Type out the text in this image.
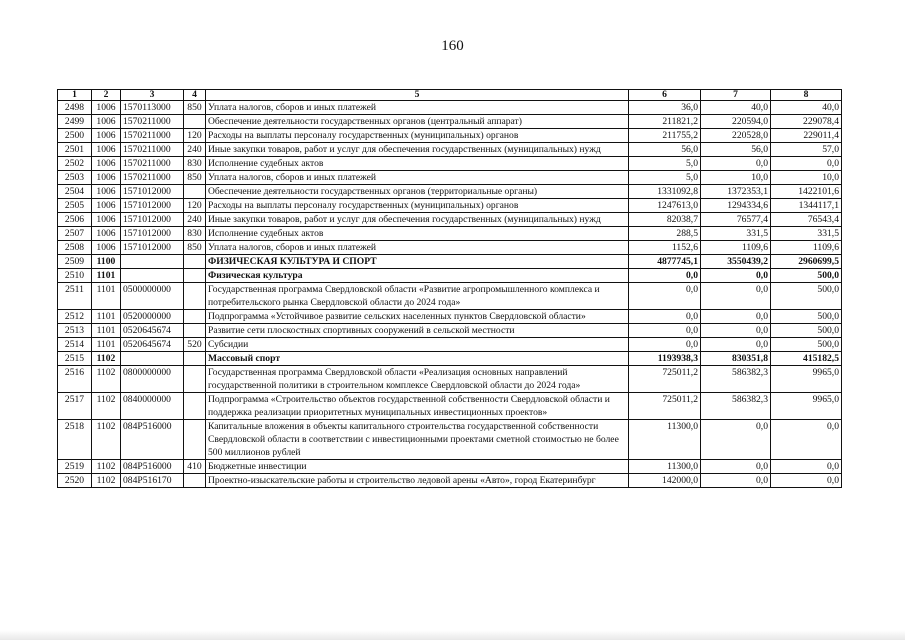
160
1	2	3	4	5	6	7	8
2498	1006	1570113000	850	Уплата налогов, сборов и иных платежей	36,0	40,0	40,0
2499	1006	1570211000		Обеспечение деятельности государственных органов (центральный аппарат)	211821,2	220594,0	229078,4
2500	1006	1570211000	120	Расходы на выплаты персоналу государственных (муниципальных) органов	211755,2	220528,0	229011,4
2501	1006	1570211000	240	Иные закупки товаров, работ и услуг для обеспечения государственных (муниципальных) нужд	56,0	56,0	57,0
2502	1006	1570211000	830	Исполнение судебных актов	5,0	0,0	0,0
2503	1006	1570211000	850	Уплата налогов, сборов и иных платежей	5,0	10,0	10,0
2504	1006	1571012000		Обеспечение деятельности государственных органов (территориальные органы)	1331092,8	1372353,1	1422101,6
2505	1006	1571012000	120	Расходы на выплаты персоналу государственных (муниципальных) органов	1247613,0	1294334,6	1344117,1
2506	1006	1571012000	240	Иные закупки товаров, работ и услуг для обеспечения государственных (муниципальных) нужд	82038,7	76577,4	76543,4
2507	1006	1571012000	830	Исполнение судебных актов	288,5	331,5	331,5
2508	1006	1571012000	850	Уплата налогов, сборов и иных платежей	1152,6	1109,6	1109,6
2509	1100			ФИЗИЧЕСКАЯ КУЛЬТУРА И СПОРТ	4877745,1	3550439,2	2960699,5
2510	1101			Физическая культура	0,0	0,0	500,0
2511	1101	0500000000		Государственная программа Свердловской области «Развитие агропромышленного комплекса и потребительского рынка Свердловской области до 2024 года»	0,0	0,0	500,0
2512	1101	0520000000		Подпрограмма «Устойчивое развитие сельских населенных пунктов Свердловской области»	0,0	0,0	500,0
2513	1101	0520645674		Развитие сети плоскостных спортивных сооружений в сельской местности	0,0	0,0	500,0
2514	1101	0520645674	520	Субсидии	0,0	0,0	500,0
2515	1102			Массовый спорт	1193938,3	830351,8	415182,5
2516	1102	0800000000		Государственная программа Свердловской области «Реализация основных направлений государственной политики в строительном комплексе Свердловской области до 2024 года»	725011,2	586382,3	9965,0
2517	1102	0840000000		Подпрограмма «Строительство объектов государственной собственности Свердловской области и поддержка реализации приоритетных муниципальных инвестиционных проектов»	725011,2	586382,3	9965,0
2518	1102	084P516000		Капитальные вложения в объекты капитального строительства государственной собственности Свердловской области в соответствии с инвестиционными проектами сметной стоимостью не более 500 миллионов рублей	11300,0	0,0	0,0
2519	1102	084P516000	410	Бюджетные инвестиции	11300,0	0,0	0,0
2520	1102	084P516170		Проектно-изыскательские работы и строительство ледовой арены «Авто», город Екатеринбург	142000,0	0,0	0,0
